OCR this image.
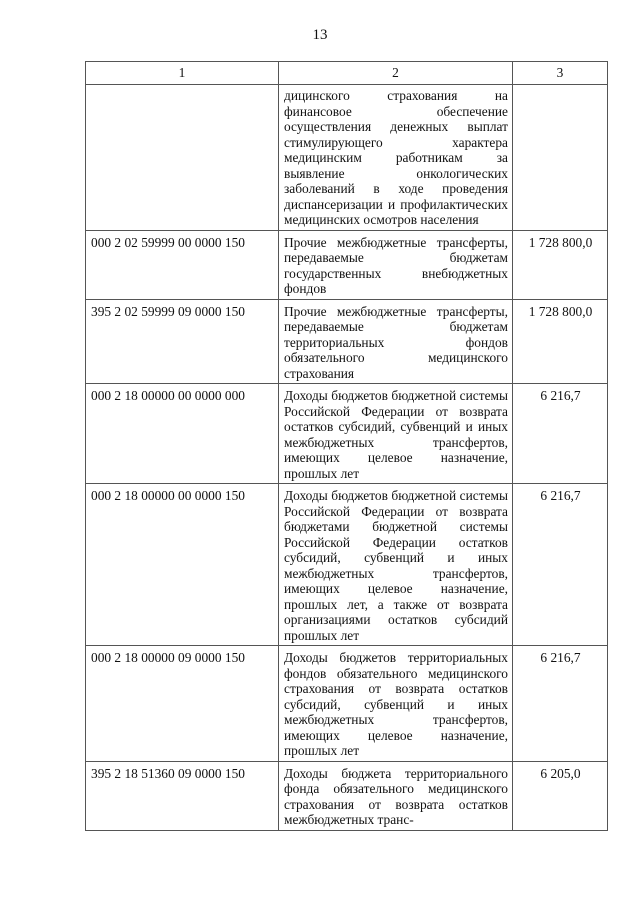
13
1	2	3
	дицинского страхования на финансовое обеспечение осуществления денежных выплат стимулирующего характера медицинским работникам за выявление онкологических заболеваний в ходе проведения диспансеризации и профилактических медицинских осмотров населения	
000 2 02 59999 00 0000 150	Прочие межбюджетные трансферты, передаваемые бюджетам государственных внебюджетных фондов	1 728 800,0
395 2 02 59999 09 0000 150	Прочие межбюджетные трансферты, передаваемые бюджетам территориальных фондов обязательного медицинского страхования	1 728 800,0
000 2 18 00000 00 0000 000	Доходы бюджетов бюджетной системы Российской Федерации от возврата остатков субсидий, субвенций и иных межбюджетных трансфертов, имеющих целевое назначение, прошлых лет	6 216,7
000 2 18 00000 00 0000 150	Доходы бюджетов бюджетной системы Российской Федерации от возврата бюджетами бюджетной системы Российской Федерации остатков субсидий, субвенций и иных межбюджетных трансфертов, имеющих целевое назначение, прошлых лет, а также от возврата организациями остатков субсидий прошлых лет	6 216,7
000 2 18 00000 09 0000 150	Доходы бюджетов территориальных фондов обязательного медицинского страхования от возврата остатков субсидий, субвенций и иных межбюджетных трансфертов, имеющих целевое назначение, прошлых лет	6 216,7
395 2 18 51360 09 0000 150	Доходы бюджета территориального фонда обязательного медицинского страхования от возврата остатков межбюджетных транс-	6 205,0
